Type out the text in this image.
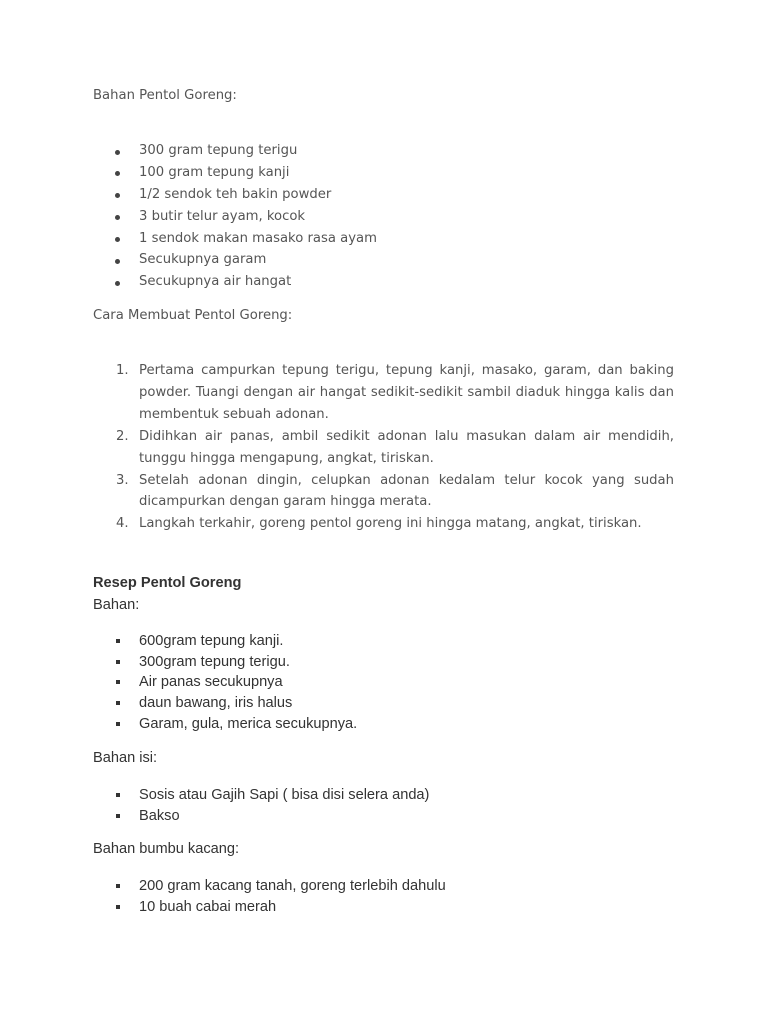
Bahan Pentol Goreng:

300 gram tepung terigu
100 gram tepung kanji
1/2 sendok teh bakin powder
3 butir telur ayam, kocok
1 sendok makan masako rasa ayam
Secukupnya garam
Secukupnya air hangat

Cara Membuat Pentol Goreng:

1. Pertama campurkan tepung terigu, tepung kanji, masako, garam, dan baking powder. Tuangi dengan air hangat sedikit-sedikit sambil diaduk hingga kalis dan membentuk sebuah adonan.
2. Didihkan air panas, ambil sedikit adonan lalu masukan dalam air mendidih, tunggu hingga mengapung, angkat, tiriskan.
3. Setelah adonan dingin, celupkan adonan kedalam telur kocok yang sudah dicampurkan dengan garam hingga merata.
4. Langkah terkahir, goreng pentol goreng ini hingga matang, angkat, tiriskan.

Resep Pentol Goreng

Bahan:

600gram tepung kanji.
300gram tepung terigu.
Air panas secukupnya
daun bawang, iris halus
Garam, gula, merica secukupnya.

Bahan isi:

Sosis atau Gajih Sapi ( bisa disi selera anda)
Bakso

Bahan bumbu kacang:

200 gram kacang tanah, goreng terlebih dahulu
10 buah cabai merah
